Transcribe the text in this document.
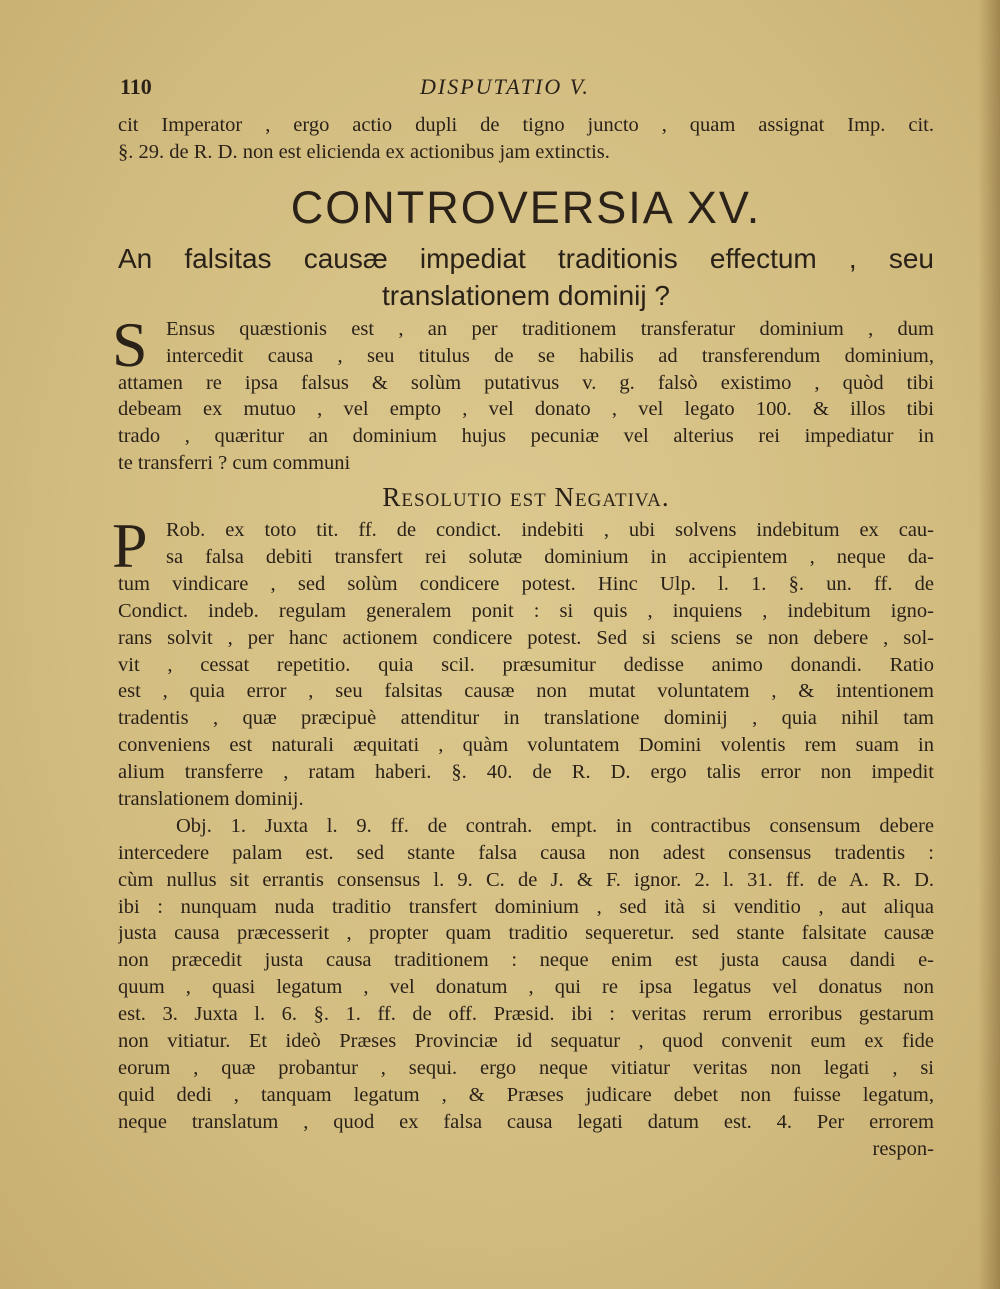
110	DISPUTATIO V.
cit Imperator , ergo actio dupli de tigno juncto , quam assignat Imp. cit.
§. 29. de R. D. non est elicienda ex actionibus jam extinctis.
CONTROVERSIA XV.
An falsitas causæ impediat traditionis effectum , seu
translationem dominij ?
S Ensus quæstionis est , an per traditionem transferatur dominium , dum
intercedit causa , seu titulus de se habilis ad transferendum dominium,
attamen re ipsa falsus & solùm putativus v. g. falsò existimo , quòd tibi
debeam ex mutuo , vel empto , vel donato , vel legato 100. & illos tibi
trado , quæritur an dominium hujus pecuniæ vel alterius rei impediatur in
te transferri ? cum communi
Resolutio est Negativa.
P Rob. ex toto tit. ff. de condict. indebiti , ubi solvens indebitum ex cau-
sa falsa debiti transfert rei solutæ dominium in accipientem , neque da-
tum vindicare , sed solùm condicere potest. Hinc Ulp. l. 1. §. un. ff. de
Condict. indeb. regulam generalem ponit : si quis , inquiens , indebitum igno-
rans solvit , per hanc actionem condicere potest. Sed si sciens se non debere , sol-
vit , cessat repetitio. quia scil. præsumitur dedisse animo donandi. Ratio
est , quia error , seu falsitas causæ non mutat voluntatem , & intentionem
tradentis , quæ præcipuè attenditur in translatione dominij , quia nihil tam
conveniens est naturali æquitati , quàm voluntatem Domini volentis rem suam in
alium transferre , ratam haberi. §. 40. de R. D. ergo talis error non impedit
translationem dominij.
Obj. 1. Juxta l. 9. ff. de contrah. empt. in contractibus consensum debere
intercedere palam est. sed stante falsa causa non adest consensus tradentis :
cùm nullus sit errantis consensus l. 9. C. de J. & F. ignor. 2. l. 31. ff. de A. R. D.
ibi : nunquam nuda traditio transfert dominium , sed ità si venditio , aut aliqua
justa causa præcesserit , propter quam traditio sequeretur. sed stante falsitate causæ
non præcedit justa causa traditionem : neque enim est justa causa dandi e-
quum , quasi legatum , vel donatum , qui re ipsa legatus vel donatus non
est. 3. Juxta l. 6. §. 1. ff. de off. Præsid. ibi : veritas rerum erroribus gestarum
non vitiatur. Et ideò Præses Provinciæ id sequatur , quod convenit eum ex fide
eorum , quæ probantur , sequi. ergo neque vitiatur veritas non legati , si
quid dedi , tanquam legatum , & Præses judicare debet non fuisse legatum,
neque translatum , quod ex falsa causa legati datum est. 4. Per errorem
respon-
